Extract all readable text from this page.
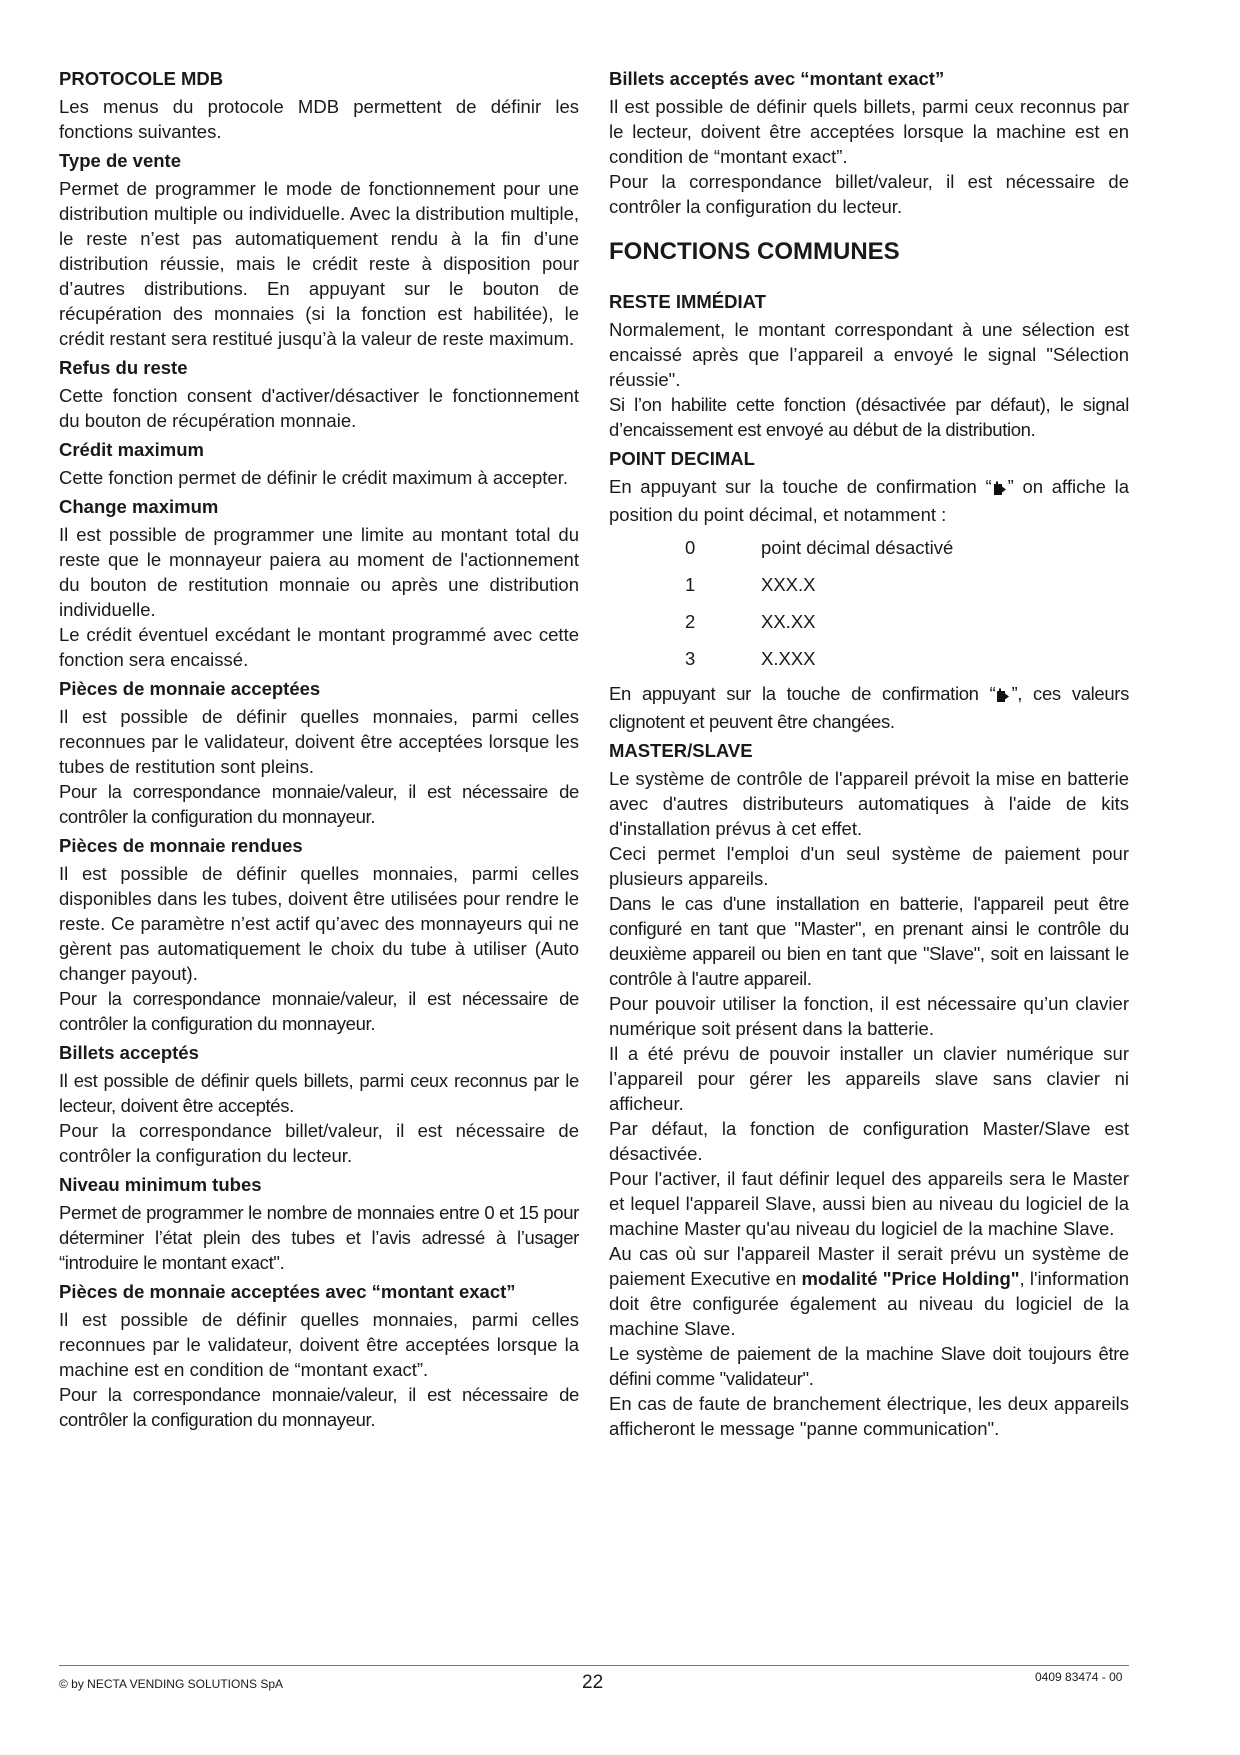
PROTOCOLE MDB

Les menus du protocole MDB permettent de définir les fonctions suivantes.

Type de vente

Permet de programmer le mode de fonctionnement pour une distribution multiple ou individuelle. Avec la distribution multiple, le reste n’est pas automatiquement rendu à la fin d’une distribution réussie, mais le crédit reste à disposition pour d’autres distributions. En appuyant sur le bouton de récupération des monnaies (si la fonction est habilitée), le crédit restant sera restitué jusqu’à la valeur de reste maximum.

Refus du reste

Cette fonction consent d'activer/désactiver le fonctionnement du bouton de récupération monnaie.

Crédit maximum

Cette fonction permet de définir le crédit maximum à accepter.

Change maximum

Il est possible de programmer une limite au montant total du reste que le monnayeur paiera au moment de l'actionnement du bouton de restitution monnaie ou après une distribution individuelle.

Le crédit éventuel excédant le montant programmé avec cette fonction sera encaissé.

Pièces de monnaie acceptées

Il est possible de définir quelles monnaies, parmi celles reconnues par le validateur, doivent être acceptées lorsque les tubes de restitution sont pleins.

Pour la correspondance monnaie/valeur, il est nécessaire de contrôler la configuration du monnayeur.

Pièces de monnaie rendues

Il est possible de définir quelles monnaies, parmi celles disponibles dans les tubes, doivent être utilisées pour rendre le reste. Ce paramètre n’est actif qu’avec des monnayeurs qui ne gèrent pas automatiquement le choix du tube à utiliser (Auto changer payout).

Pour la correspondance monnaie/valeur, il est nécessaire de contrôler la configuration du monnayeur.

Billets acceptés

Il est possible de définir quels billets, parmi ceux reconnus par le lecteur, doivent être acceptés.

Pour la correspondance billet/valeur, il est nécessaire de contrôler la configuration du lecteur.

Niveau minimum tubes

Permet de programmer le nombre de monnaies entre 0 et 15 pour déterminer l’état plein des tubes et l’avis adressé à l’usager “introduire le montant exact".

Pièces de monnaie acceptées avec “montant exact”

Il est possible de définir quelles monnaies, parmi celles reconnues par le validateur, doivent être acceptées lorsque la machine est en condition de “montant exact”.

Pour la correspondance monnaie/valeur, il est nécessaire de contrôler la configuration du monnayeur.

Billets acceptés avec “montant exact”

Il est possible de définir quels billets, parmi ceux reconnus par le lecteur, doivent être acceptées lorsque la machine est en condition de “montant exact”.

Pour la correspondance billet/valeur, il est nécessaire de contrôler la configuration du lecteur.

FONCTIONS COMMUNES
RESTE IMMÉDIAT

Normalement, le montant correspondant à une sélection est encaissé après que l’appareil a envoyé le signal "Sélection réussie".

Si l’on habilite cette fonction (désactivée par défaut), le signal d’encaissement est envoyé au début de la distribution.

POINT DECIMAL

En appuyant sur la touche de confirmation “ ” on affiche la position du point décimal, et notamment :

0	point décimal désactivé
1	XXX.X
2	XX.XX
3	X.XXX

En appuyant sur la touche de confirmation “ ”, ces valeurs clignotent et peuvent être changées.

MASTER/SLAVE

Le système de contrôle de l'appareil prévoit la mise en batterie avec d'autres distributeurs automatiques à l'aide de kits d'installation prévus à cet effet.

Ceci permet l'emploi d'un seul système de paiement pour plusieurs appareils.

Dans le cas d'une installation en batterie, l'appareil peut être configuré en tant que "Master", en prenant ainsi le contrôle du deuxième appareil ou bien en tant que "Slave", soit en laissant le contrôle à l'autre appareil.

Pour pouvoir utiliser la fonction, il est nécessaire qu’un clavier numérique soit présent dans la batterie.

Il a été prévu de pouvoir installer un clavier numérique sur l’appareil pour gérer les appareils slave sans clavier ni afficheur.

Par défaut, la fonction de configuration Master/Slave est désactivée.

Pour l'activer, il faut définir lequel des appareils sera le Master et lequel l'appareil Slave, aussi bien au niveau du logiciel de la machine Master qu'au niveau du logiciel de la machine Slave.

Au cas où sur l'appareil Master il serait prévu un système de paiement Executive en modalité "Price Holding", l'information doit être configurée également au niveau du logiciel de la machine Slave.

Le système de paiement de la machine Slave doit toujours être défini comme "validateur".

En cas de faute de branchement électrique, les deux appareils afficheront le message "panne communication".

© by NECTA VENDING SOLUTIONS SpA	22	0409 83474 - 00
